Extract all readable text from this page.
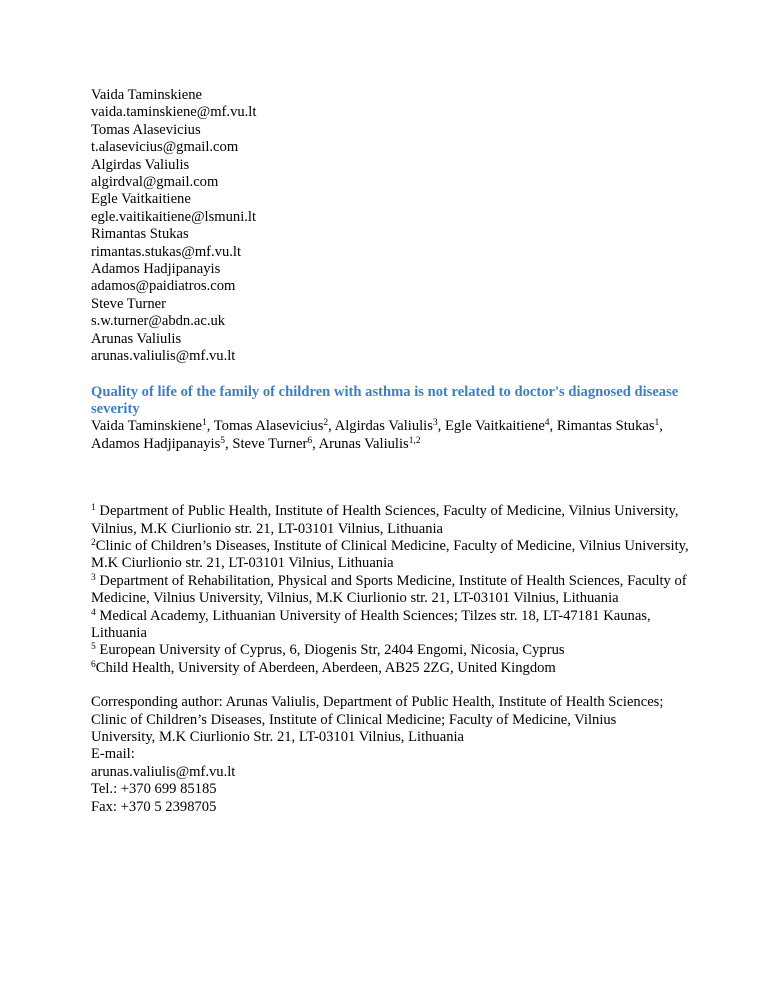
Vaida Taminskiene
vaida.taminskiene@mf.vu.lt
Tomas Alasevicius
t.alasevicius@gmail.com
Algirdas Valiulis
algirdval@gmail.com
Egle Vaitkaitiene
egle.vaitikaitiene@lsmuni.lt
Rimantas Stukas
rimantas.stukas@mf.vu.lt
Adamos Hadjipanayis
adamos@paidiatros.com
Steve Turner
s.w.turner@abdn.ac.uk
Arunas Valiulis
arunas.valiulis@mf.vu.lt
Quality of life of the family of children with asthma is not related to doctor's diagnosed disease severity
Vaida Taminskiene$^1$, Tomas Alasevicius$^2$, Algirdas Valiulis$^3$, Egle Vaitkaitiene$^4$, Rimantas Stukas$^1$, Adamos Hadjipanayis$^5$, Steve Turner$^6$, Arunas Valiulis$^{1,2}$
$^1$ Department of Public Health, Institute of Health Sciences, Faculty of Medicine, Vilnius University, Vilnius, M.K Ciurlionio str. 21, LT-03101 Vilnius, Lithuania
$^2$Clinic of Children’s Diseases, Institute of Clinical Medicine, Faculty of Medicine, Vilnius University, M.K Ciurlionio str. 21, LT-03101 Vilnius, Lithuania
$^3$ Department of Rehabilitation, Physical and Sports Medicine, Institute of Health Sciences, Faculty of Medicine, Vilnius University, Vilnius, M.K Ciurlionio str. 21, LT-03101 Vilnius, Lithuania
$^4$ Medical Academy, Lithuanian University of Health Sciences; Tilzes str. 18, LT-47181 Kaunas, Lithuania
$^5$ European University of Cyprus, 6, Diogenis Str, 2404 Engomi, Nicosia, Cyprus
$^6$Child Health, University of Aberdeen, Aberdeen, AB25 2ZG, United Kingdom
Corresponding author: Arunas Valiulis, Department of Public Health, Institute of Health Sciences; Clinic of Children’s Diseases, Institute of Clinical Medicine; Faculty of Medicine, Vilnius University, M.K Ciurlionio Str. 21, LT-03101 Vilnius, Lithuania
E-mail:
arunas.valiulis@mf.vu.lt
Tel.: +370 699 85185
Fax: +370 5 2398705
